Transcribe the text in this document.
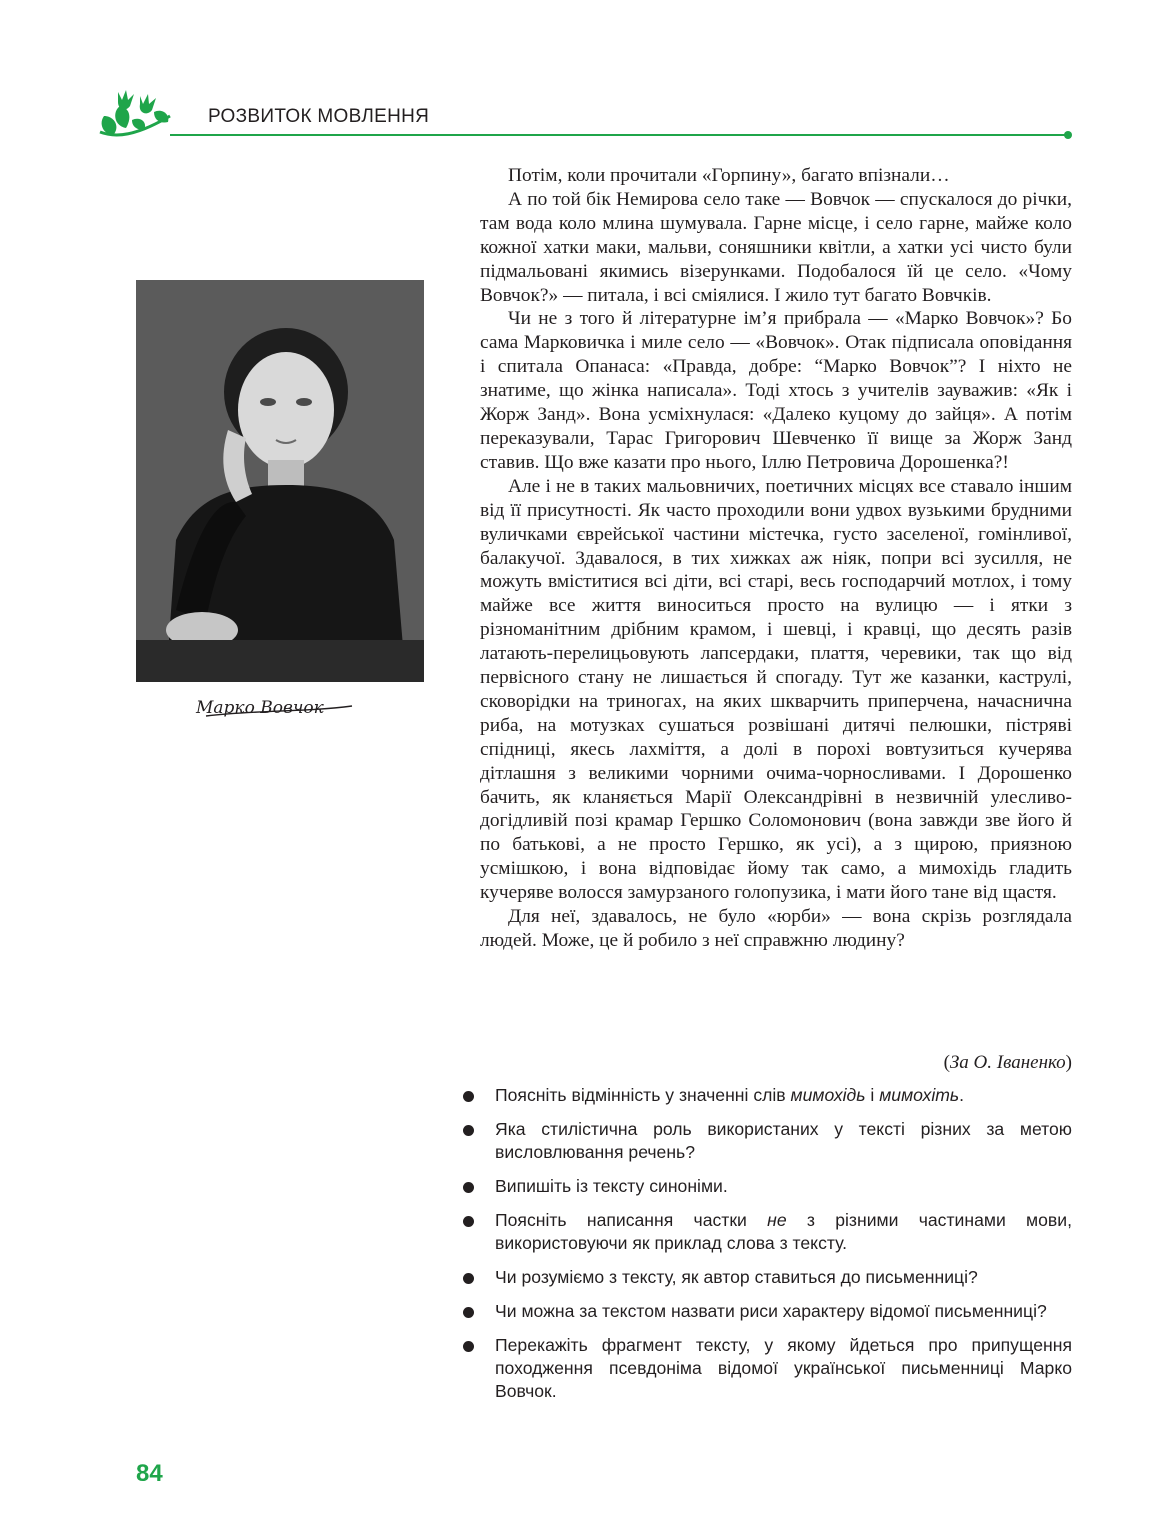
РОЗВИТОК МОВЛЕННЯ
Марко Вовчок

Потім, коли прочитали «Горпину», багато впізнали…

А по той бік Немирова село таке — Вовчок — спускалося до річки, там вода коло млина шумувала. Гарне місце, і село гарне, майже коло кожної хатки маки, мальви, соняшники квітли, а хатки усі чисто були підмальовані якимись візерунками. Подобалося їй це село. «Чому Вовчок?» — питала, і всі сміялися. І жило тут багато Вовчків.

Чи не з того й літературне ім’я прибрала — «Марко Вовчок»? Бо сама Марковичка і миле село — «Вовчок». Отак підписала оповідання і спитала Опанаса: «Правда, добре: “Марко Вовчок”? І ніхто не знатиме, що жінка написала». Тоді хтось з учителів зауважив: «Як і Жорж Занд». Вона усміхнулася: «Далеко куцому до зайця». А потім переказували, Тарас Григорович Шевченко її вище за Жорж Занд ставив. Що вже казати про нього, Іллю Петровича Дорошенка?!

Але і не в таких мальовничих, поетичних місцях все ставало іншим від її присутності. Як часто проходили вони удвох вузькими брудними вуличками єврейської частини містечка, густо заселеної, гомінливої, балакучої. Здавалося, в тих хижках аж ніяк, попри всі зусилля, не можуть вміститися всі діти, всі старі, весь господарчий мотлох, і тому майже все життя виноситься просто на вулицю — і ятки з різноманітним дрібним крамом, і шевці, і кравці, що десять разів латають-перелицьовують лапсердаки, плаття, черевики, так що від первісного стану не лишається й спогаду. Тут же казанки, каструлі, сковорідки на триногах, на яких шкварчить приперчена, начаснична риба, на мотузках сушаться розвішані дитячі пелюшки, пістряві спідниці, якесь лахміття, а долі в порохі вовтузиться кучерява дітлашня з великими чорними очима-чорносливами. І Дорошенко бачить, як кланяється Марії Олександрівні в незвичній улесливо-догідливій позі крамар Гершко Соломонович (вона завжди зве його й по батькові, а не просто Гершко, як усі), а з щирою, приязною усмішкою, і вона відповідає йому так само, а мимохідь гладить кучеряве волосся замурзаного голопузика, і мати його тане від щастя.

Для неї, здавалось, не було «юрби» — вона скрізь розглядала людей. Може, це й робило з неї справжню людину?

(За О. Іваненко)
Поясніть відмінність у значенні слів мимохідь і мимохіть.
Яка стилістична роль використаних у тексті різних за метою висловлювання речень?
Випишіть із тексту синоніми.
Поясніть написання частки не з різними частинами мови, використовуючи як приклад слова з тексту.
Чи розуміємо з тексту, як автор ставиться до письменниці?
Чи можна за текстом назвати риси характеру відомої письменниці?
Перекажіть фрагмент тексту, у якому йдеться про припущення походження псевдоніма відомої української письменниці Марко Вовчок.
84
